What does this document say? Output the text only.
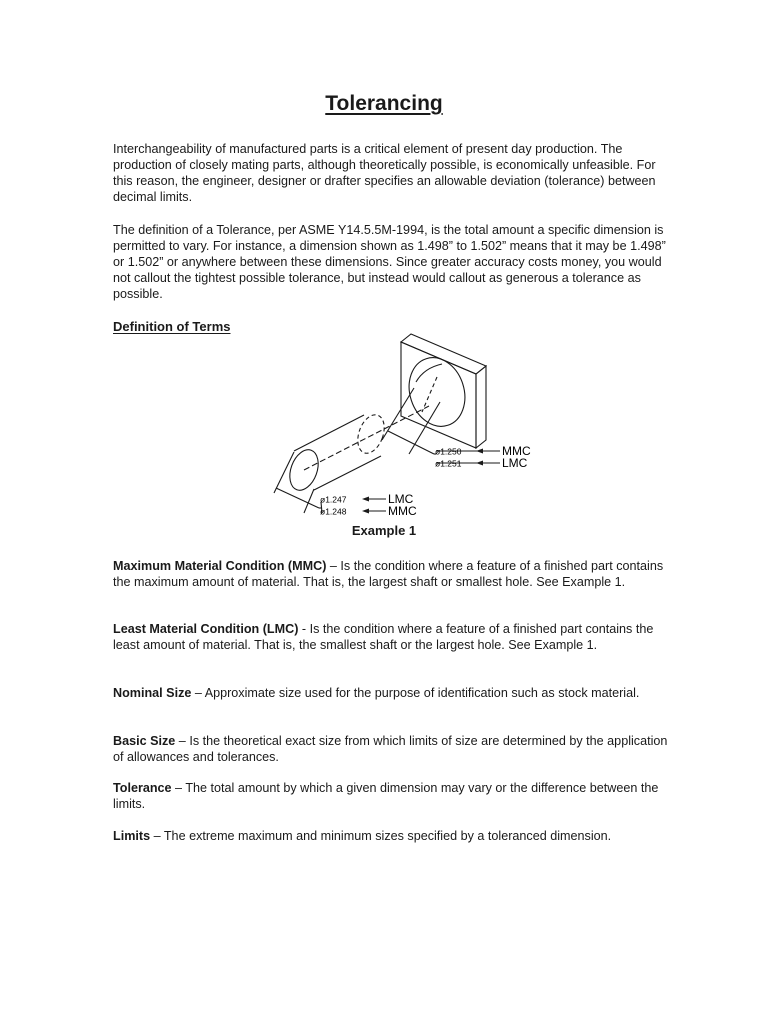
Tolerancing

Interchangeability of manufactured parts is a critical element of present day production. The production of closely mating parts, although theoretically possible, is economically unfeasible. For this reason, the engineer, designer or drafter specifies an allowable deviation (tolerance) between decimal limits.

The definition of a Tolerance, per ASME Y14.5.5M-1994, is the total amount a specific dimension is permitted to vary. For instance, a dimension shown as 1.498” to 1.502” means that it may be 1.498” or 1.502” or anywhere between these dimensions. Since greater accuracy costs money, you would not callout the tightest possible tolerance, but instead would callout as generous a tolerance as possible.

Definition of Terms
ø1.250
ø1.251
MMC
LMC
ø1.247
ø1.248
LMC
MMC

Example 1

Maximum Material Condition (MMC) – Is the condition where a feature of a finished part contains the maximum amount of material. That is, the largest shaft or smallest hole. See Example 1.

Least Material Condition (LMC) - Is the condition where a feature of a finished part contains the least amount of material. That is, the smallest shaft or the largest hole. See Example 1.

Nominal Size – Approximate size used for the purpose of identification such as stock material.

Basic Size – Is the theoretical exact size from which limits of size are determined by the application of allowances and tolerances.

Tolerance – The total amount by which a given dimension may vary or the difference between the limits.

Limits – The extreme maximum and minimum sizes specified by a toleranced dimension.
